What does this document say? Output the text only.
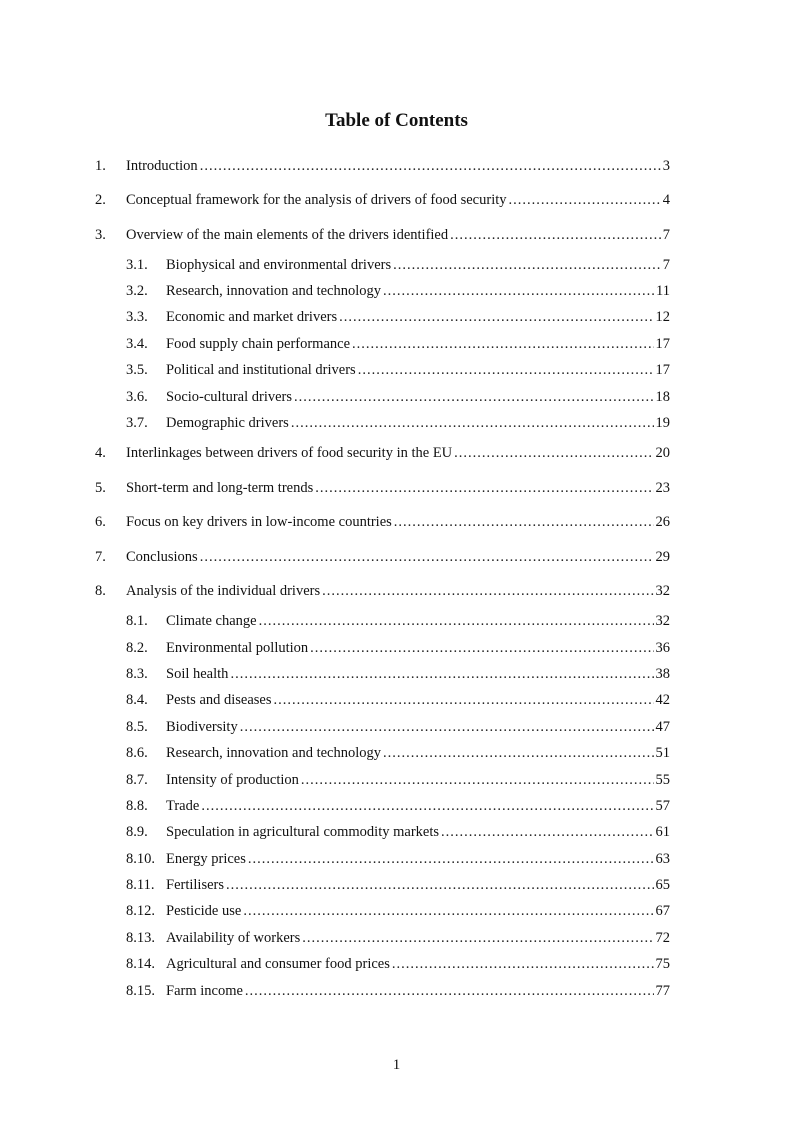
Table of Contents
1.	Introduction .....	3
2.	Conceptual framework for the analysis of drivers of food security .....	4
3.	Overview of the main elements of the drivers identified .....	7
3.1.	Biophysical and environmental drivers .....	7
3.2.	Research, innovation and technology .....	11
3.3.	Economic and market drivers .....	12
3.4.	Food supply chain performance .....	17
3.5.	Political and institutional drivers .....	17
3.6.	Socio-cultural drivers .....	18
3.7.	Demographic drivers .....	19
4.	Interlinkages between drivers of food security in the EU .....	20
5.	Short-term and long-term trends .....	23
6.	Focus on key drivers in low-income countries .....	26
7.	Conclusions .....	29
8.	Analysis of the individual drivers .....	32
8.1.	Climate change .....	32
8.2.	Environmental pollution .....	36
8.3.	Soil health .....	38
8.4.	Pests and diseases .....	42
8.5.	Biodiversity .....	47
8.6.	Research, innovation and technology .....	51
8.7.	Intensity of production .....	55
8.8.	Trade .....	57
8.9.	Speculation in agricultural commodity markets .....	61
8.10. Energy prices .....	63
8.11. Fertilisers .....	65
8.12. Pesticide use .....	67
8.13. Availability of workers .....	72
8.14. Agricultural and consumer food prices .....	75
8.15. Farm income .....	77
1
